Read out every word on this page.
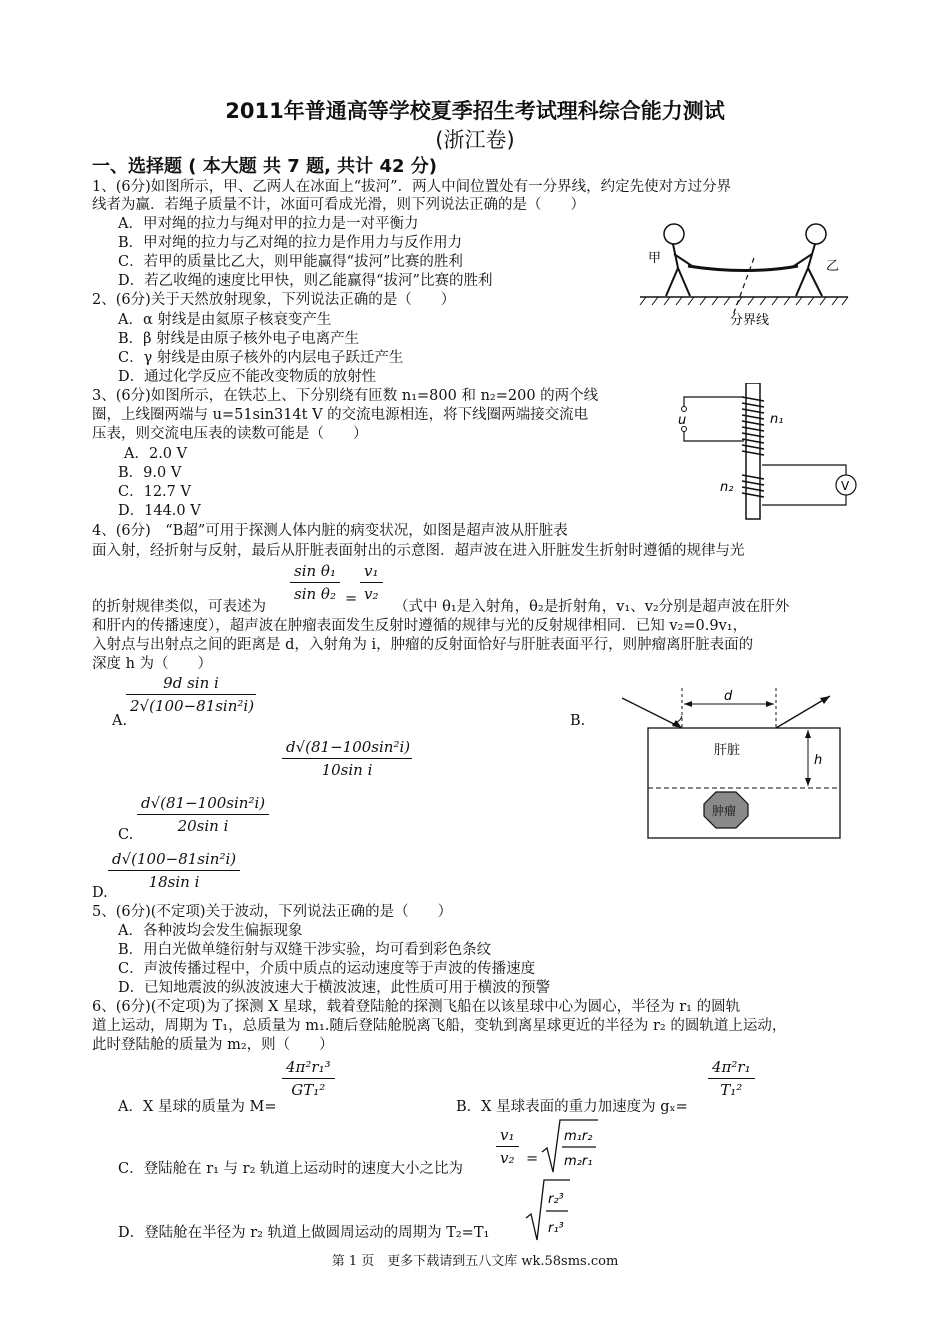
2011年普通高等学校夏季招生考试理科综合能力测试
(浙江卷)
一、选择题 ( 本大题 共 7 题, 共计 42 分)
1、(6分)如图所示，甲、乙两人在冰面上“拔河”．两人中间位置处有一分界线，约定先使对方过分界
线者为赢．若绳子质量不计，冰面可看成光滑，则下列说法正确的是（　　）
A．甲对绳的拉力与绳对甲的拉力是一对平衡力
B．甲对绳的拉力与乙对绳的拉力是作用力与反作用力
C．若甲的质量比乙大，则甲能赢得“拔河”比赛的胜利
D．若乙收绳的速度比甲快，则乙能赢得“拔河”比赛的胜利
甲
乙
分界线
2、(6分)关于天然放射现象，下列说法正确的是（　　）
A．α 射线是由氦原子核衰变产生
B．β 射线是由原子核外电子电离产生
C．γ 射线是由原子核外的内层电子跃迁产生
D．通过化学反应不能改变物质的放射性
3、(6分)如图所示，在铁芯上、下分别绕有匝数 n₁=800 和 n₂=200 的两个线
圈，上线圈两端与 u=51sin314t V 的交流电源相连，将下线圈两端接交流电
压表，则交流电压表的读数可能是（　　）
A．2.0 V
B．9.0 V
C．12.7 V
D．144.0 V
u	n₁
n₂	V
4、(6分)　“B超”可用于探测人体内脏的病变状况，如图是超声波从肝脏表
面入射，经折射与反射，最后从肝脏表面射出的示意图．超声波在进入肝脏发生折射时遵循的规律与光
sin θ₁
sin θ₂
v₁
v₂
的折射规律类似，可表述为	=	（式中 θ₁是入射角，θ₂是折射角，v₁、v₂分别是超声波在肝外
和肝内的传播速度），超声波在肿瘤表面发生反射时遵循的规律与光的反射规律相同．已知 v₂=0.9v₁，
入射点与出射点之间的距离是 d，入射角为 i，肿瘤的反射面恰好与肝脏表面平行，则肿瘤离肝脏表面的
深度 h 为（　　）
A.
9d sin i
2√(100−81sin²i)
B.
d√(81−100sin²i)
10sin i
C.
d√(81−100sin²i)
20sin i
D.
d√(100−81sin²i)
18sin i
d
h
肝脏
肿瘤
5、(6分)(不定项)关于波动，下列说法正确的是（　　）
A．各种波均会发生偏振现象
B．用白光做单缝衍射与双缝干涉实验，均可看到彩色条纹
C．声波传播过程中，介质中质点的运动速度等于声波的传播速度
D．已知地震波的纵波波速大于横波波速，此性质可用于横波的预警
6、(6分)(不定项)为了探测 X 星球，载着登陆舱的探测飞船在以该星球中心为圆心，半径为 r₁ 的圆轨
道上运动，周期为 T₁，总质量为 m₁.随后登陆舱脱离飞船，变轨到离星球更近的半径为 r₂ 的圆轨道上运动，
此时登陆舱的质量为 m₂，则（　　）
A．X 星球的质量为 M=
4π²r₁³
GT₁²
B．X 星球表面的重力加速度为 gₓ=
4π²r₁
T₁²
C．登陆舱在 r₁ 与 r₂ 轨道上运动时的速度大小之比为
v₁
v₂ =
m₁r₂
m₂r₁
D．登陆舱在半径为 r₂ 轨道上做圆周运动的周期为 T₂=T₁
r₂³
r₁³
第 1 页　更多下载请到五八文库 wk.58sms.com
